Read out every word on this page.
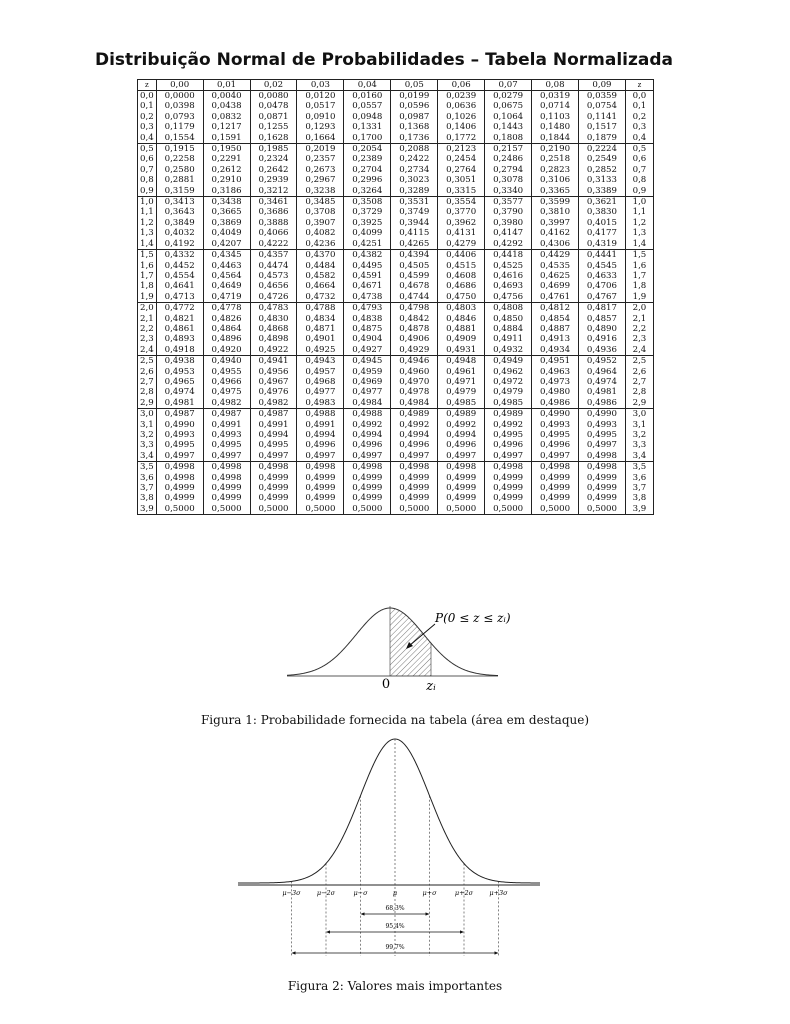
Distribuição Normal de Probabilidades – Tabela Normalizada
z	0,00	0,01	0,02	0,03	0,04	0,05	0,06	0,07	0,08	0,09	z
0,0	0,0000	0,0040	0,0080	0,0120	0,0160	0,0199	0,0239	0,0279	0,0319	0,0359	0,0
0,1	0,0398	0,0438	0,0478	0,0517	0,0557	0,0596	0,0636	0,0675	0,0714	0,0754	0,1
0,2	0,0793	0,0832	0,0871	0,0910	0,0948	0,0987	0,1026	0,1064	0,1103	0,1141	0,2
0,3	0,1179	0,1217	0,1255	0,1293	0,1331	0,1368	0,1406	0,1443	0,1480	0,1517	0,3
0,4	0,1554	0,1591	0,1628	0,1664	0,1700	0,1736	0,1772	0,1808	0,1844	0,1879	0,4
0,5	0,1915	0,1950	0,1985	0,2019	0,2054	0,2088	0,2123	0,2157	0,2190	0,2224	0,5
0,6	0,2258	0,2291	0,2324	0,2357	0,2389	0,2422	0,2454	0,2486	0,2518	0,2549	0,6
0,7	0,2580	0,2612	0,2642	0,2673	0,2704	0,2734	0,2764	0,2794	0,2823	0,2852	0,7
0,8	0,2881	0,2910	0,2939	0,2967	0,2996	0,3023	0,3051	0,3078	0,3106	0,3133	0,8
0,9	0,3159	0,3186	0,3212	0,3238	0,3264	0,3289	0,3315	0,3340	0,3365	0,3389	0,9
1,0	0,3413	0,3438	0,3461	0,3485	0,3508	0,3531	0,3554	0,3577	0,3599	0,3621	1,0
1,1	0,3643	0,3665	0,3686	0,3708	0,3729	0,3749	0,3770	0,3790	0,3810	0,3830	1,1
1,2	0,3849	0,3869	0,3888	0,3907	0,3925	0,3944	0,3962	0,3980	0,3997	0,4015	1,2
1,3	0,4032	0,4049	0,4066	0,4082	0,4099	0,4115	0,4131	0,4147	0,4162	0,4177	1,3
1,4	0,4192	0,4207	0,4222	0,4236	0,4251	0,4265	0,4279	0,4292	0,4306	0,4319	1,4
1,5	0,4332	0,4345	0,4357	0,4370	0,4382	0,4394	0,4406	0,4418	0,4429	0,4441	1,5
1,6	0,4452	0,4463	0,4474	0,4484	0,4495	0,4505	0,4515	0,4525	0,4535	0,4545	1,6
1,7	0,4554	0,4564	0,4573	0,4582	0,4591	0,4599	0,4608	0,4616	0,4625	0,4633	1,7
1,8	0,4641	0,4649	0,4656	0,4664	0,4671	0,4678	0,4686	0,4693	0,4699	0,4706	1,8
1,9	0,4713	0,4719	0,4726	0,4732	0,4738	0,4744	0,4750	0,4756	0,4761	0,4767	1,9
2,0	0,4772	0,4778	0,4783	0,4788	0,4793	0,4798	0,4803	0,4808	0,4812	0,4817	2,0
2,1	0,4821	0,4826	0,4830	0,4834	0,4838	0,4842	0,4846	0,4850	0,4854	0,4857	2,1
2,2	0,4861	0,4864	0,4868	0,4871	0,4875	0,4878	0,4881	0,4884	0,4887	0,4890	2,2
2,3	0,4893	0,4896	0,4898	0,4901	0,4904	0,4906	0,4909	0,4911	0,4913	0,4916	2,3
2,4	0,4918	0,4920	0,4922	0,4925	0,4927	0,4929	0,4931	0,4932	0,4934	0,4936	2,4
2,5	0,4938	0,4940	0,4941	0,4943	0,4945	0,4946	0,4948	0,4949	0,4951	0,4952	2,5
2,6	0,4953	0,4955	0,4956	0,4957	0,4959	0,4960	0,4961	0,4962	0,4963	0,4964	2,6
2,7	0,4965	0,4966	0,4967	0,4968	0,4969	0,4970	0,4971	0,4972	0,4973	0,4974	2,7
2,8	0,4974	0,4975	0,4976	0,4977	0,4977	0,4978	0,4979	0,4979	0,4980	0,4981	2,8
2,9	0,4981	0,4982	0,4982	0,4983	0,4984	0,4984	0,4985	0,4985	0,4986	0,4986	2,9
3,0	0,4987	0,4987	0,4987	0,4988	0,4988	0,4989	0,4989	0,4989	0,4990	0,4990	3,0
3,1	0,4990	0,4991	0,4991	0,4991	0,4992	0,4992	0,4992	0,4992	0,4993	0,4993	3,1
3,2	0,4993	0,4993	0,4994	0,4994	0,4994	0,4994	0,4994	0,4995	0,4995	0,4995	3,2
3,3	0,4995	0,4995	0,4995	0,4996	0,4996	0,4996	0,4996	0,4996	0,4996	0,4997	3,3
3,4	0,4997	0,4997	0,4997	0,4997	0,4997	0,4997	0,4997	0,4997	0,4997	0,4998	3,4
3,5	0,4998	0,4998	0,4998	0,4998	0,4998	0,4998	0,4998	0,4998	0,4998	0,4998	3,5
3,6	0,4998	0,4998	0,4999	0,4999	0,4999	0,4999	0,4999	0,4999	0,4999	0,4999	3,6
3,7	0,4999	0,4999	0,4999	0,4999	0,4999	0,4999	0,4999	0,4999	0,4999	0,4999	3,7
3,8	0,4999	0,4999	0,4999	0,4999	0,4999	0,4999	0,4999	0,4999	0,4999	0,4999	3,8
3,9	0,5000	0,5000	0,5000	0,5000	0,5000	0,5000	0,5000	0,5000	0,5000	0,5000	3,9
P(0 ≤ z ≤ zᵢ)
0	zᵢ
Figura 1: Probabilidade fornecida na tabela (área em destaque)
μ−3σ	μ−2σ	μ−σ	μ	μ+σ	μ+2σ	μ+3σ
68,3%
95,4%
99,7%
Figura 2: Valores mais importantes
